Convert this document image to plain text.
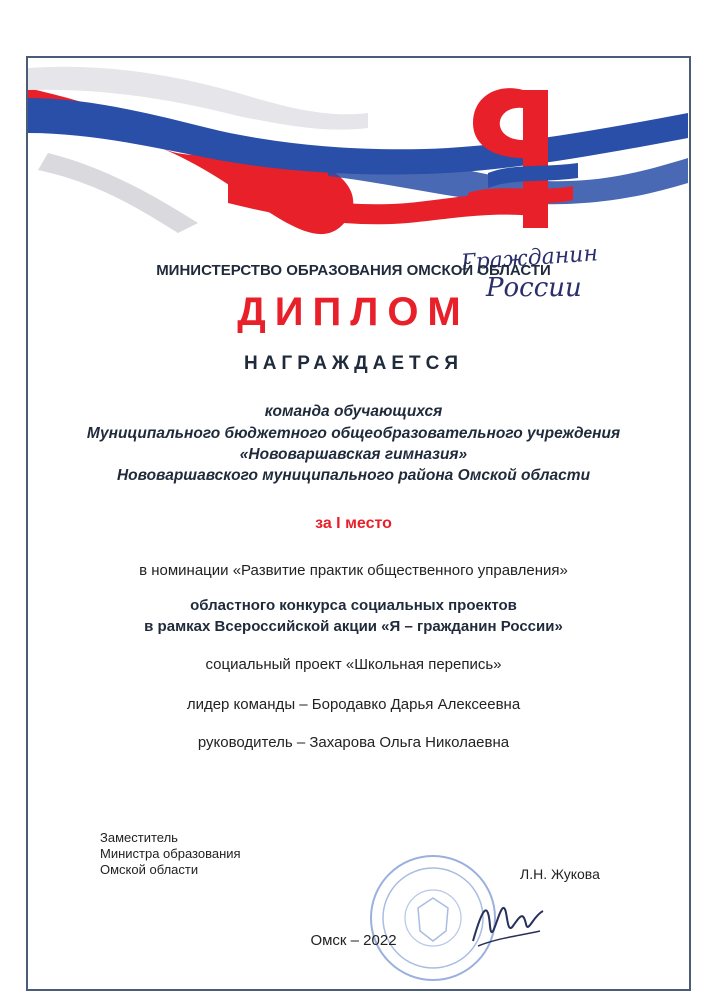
Гражданин
России
МИНИСТЕРСТВО ОБРАЗОВАНИЯ ОМСКОЙ ОБЛАСТИ
ДИПЛОМ
НАГРАЖДАЕТСЯ
команда обучающихся
Муниципального бюджетного общеобразовательного учреждения
«Нововаршавская гимназия»
Нововаршавского муниципального района Омской области
за I место
в номинации «Развитие практик общественного управления»
областного конкурса социальных проектов
в рамках Всероссийской акции «Я – гражданин России»
социальный проект «Школьная перепись»
лидер команды – Бородавко Дарья Алексеевна
руководитель – Захарова Ольга Николаевна
Заместитель
Министра образования
Омской области	Л.Н. Жукова
Омск – 2022
